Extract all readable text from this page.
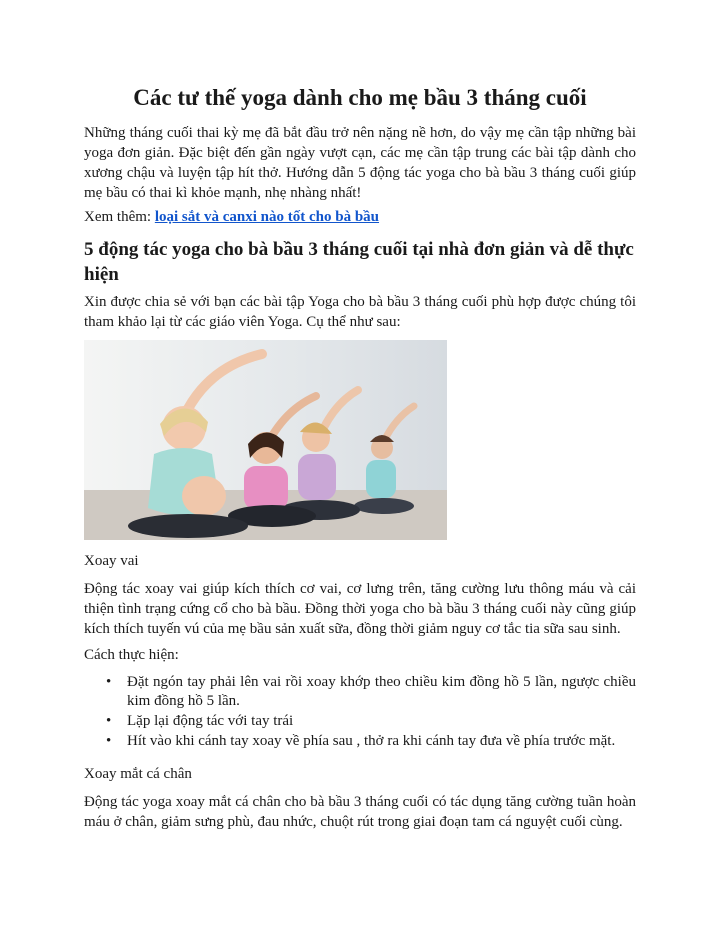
Các tư thế yoga dành cho mẹ bầu 3 tháng cuối

Những tháng cuối thai kỳ mẹ đã bắt đầu trở nên nặng nề hơn, do vậy mẹ cần tập những bài yoga đơn giản. Đặc biệt đến gần ngày vượt cạn, các mẹ cần tập trung các bài tập dành cho xương chậu và luyện tập hít thở. Hướng dẫn 5 động tác yoga cho bà bầu 3 tháng cuối giúp mẹ bầu có thai kì khỏe mạnh, nhẹ nhàng nhất!

Xem thêm: loại sắt và canxi nào tốt cho bà bầu

5 động tác yoga cho bà bầu 3 tháng cuối tại nhà đơn giản và dễ thực hiện

Xin được chia sẻ với bạn các bài tập Yoga cho bà bầu 3 tháng cuối phù hợp được chúng tôi tham khảo lại từ các giáo viên Yoga. Cụ thể như sau:

Xoay vai

Động tác xoay vai giúp kích thích cơ vai, cơ lưng trên, tăng cường lưu thông máu và cải thiện tình trạng cứng cổ cho bà bầu. Đồng thời yoga cho bà bầu 3 tháng cuối này cũng giúp kích thích tuyến vú của mẹ bầu sản xuất sữa, đồng thời giảm nguy cơ tắc tia sữa sau sinh.

Cách thực hiện:

• Đặt ngón tay phải lên vai rồi xoay khớp theo chiều kim đồng hồ 5 lần, ngược chiều kim đồng hồ 5 lần.
• Lặp lại động tác với tay trái
• Hít vào khi cánh tay xoay về phía sau , thở ra khi cánh tay đưa về phía trước mặt.

Xoay mắt cá chân

Động tác yoga xoay mắt cá chân cho bà bầu 3 tháng cuối có tác dụng tăng cường tuần hoàn máu ở chân, giảm sưng phù, đau nhức, chuột rút trong giai đoạn tam cá nguyệt cuối cùng.
